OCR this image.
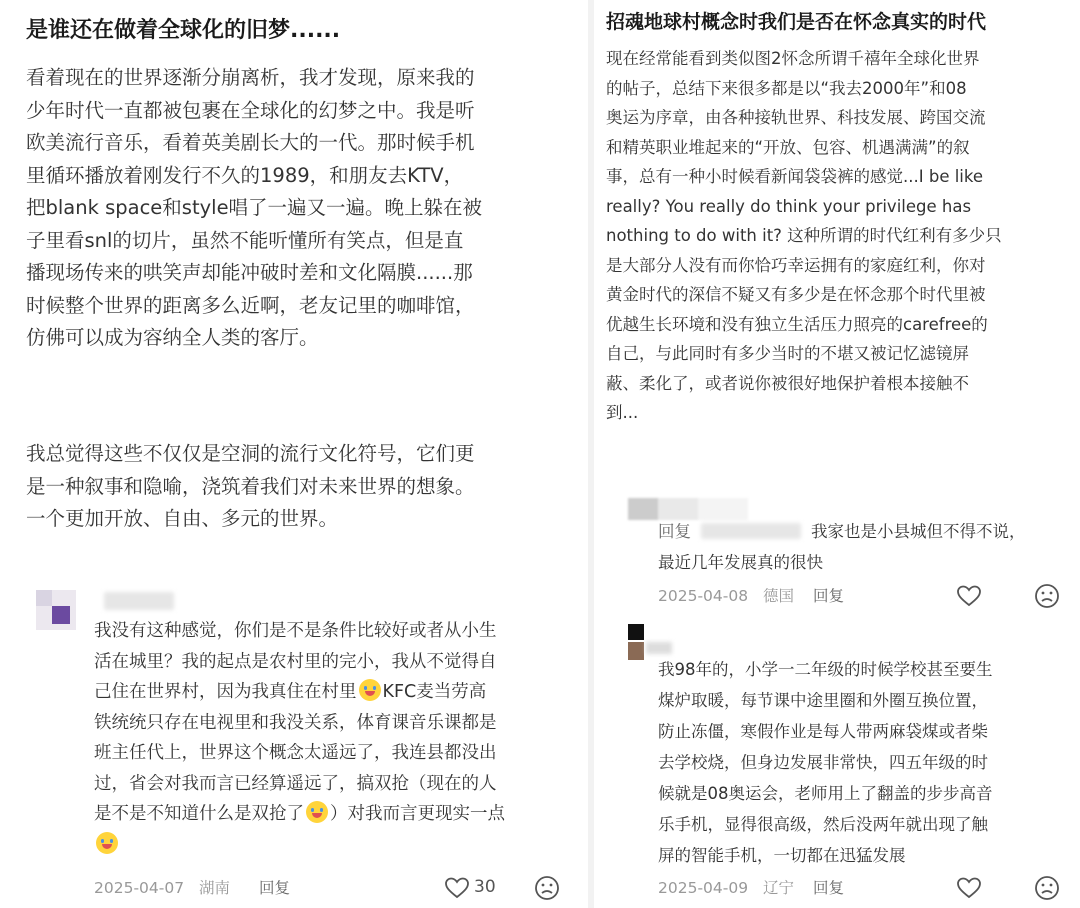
是谁还在做着全球化的旧梦......
看着现在的世界逐渐分崩离析，我才发现，原来我的
少年时代一直都被包裹在全球化的幻梦之中。我是听
欧美流行音乐，看着英美剧长大的一代。那时候手机
里循环播放着刚发行不久的1989，和朋友去KTV，
把blank space和style唱了一遍又一遍。晚上躲在被
子里看snl的切片，虽然不能听懂所有笑点，但是直
播现场传来的哄笑声却能冲破时差和文化隔膜......那
时候整个世界的距离多么近啊，老友记里的咖啡馆，
仿佛可以成为容纳全人类的客厅。
我总觉得这些不仅仅是空洞的流行文化符号，它们更
是一种叙事和隐喻，浇筑着我们对未来世界的想象。
一个更加开放、自由、多元的世界。
我没有这种感觉，你们是不是条件比较好或者从小生
活在城里？我的起点是农村里的完小，我从不觉得自
己住在世界村，因为我真住在村里 KFC麦当劳高
铁统统只存在电视里和我没关系，体育课音乐课都是
班主任代上，世界这个概念太遥远了，我连县都没出
过，省会对我而言已经算遥远了，搞双抢（现在的人
是不是不知道什么是双抢了 ）对我而言更现实一点
2025-04-07 湖南 回复	30
招魂地球村概念时我们是否在怀念真实的时代
现在经常能看到类似图2怀念所谓千禧年全球化世界
的帖子，总结下来很多都是以“我去2000年”和08
奥运为序章，由各种接轨世界、科技发展、跨国交流
和精英职业堆起来的“开放、包容、机遇满满”的叙
事，总有一种小时候看新闻袋袋裤的感觉...I be like
really? You really do think your privilege has
nothing to do with it? 这种所谓的时代红利有多少只
是大部分人没有而你恰巧幸运拥有的家庭红利，你对
黄金时代的深信不疑又有多少是在怀念那个时代里被
优越生长环境和没有独立生活压力照亮的carefree的
自己，与此同时有多少当时的不堪又被记忆滤镜屏
蔽、柔化了，或者说你被很好地保护着根本接触不
到...
回复	我家也是小县城但不得不说，
最近几年发展真的很快
2025-04-08 德国 回复
我98年的，小学一二年级的时候学校甚至要生
煤炉取暖，每节课中途里圈和外圈互换位置，
防止冻僵，寒假作业是每人带两麻袋煤或者柴
去学校烧，但身边发展非常快，四五年级的时
候就是08奥运会，老师用上了翻盖的步步高音
乐手机，显得很高级，然后没两年就出现了触
屏的智能手机，一切都在迅猛发展
2025-04-09 辽宁 回复
